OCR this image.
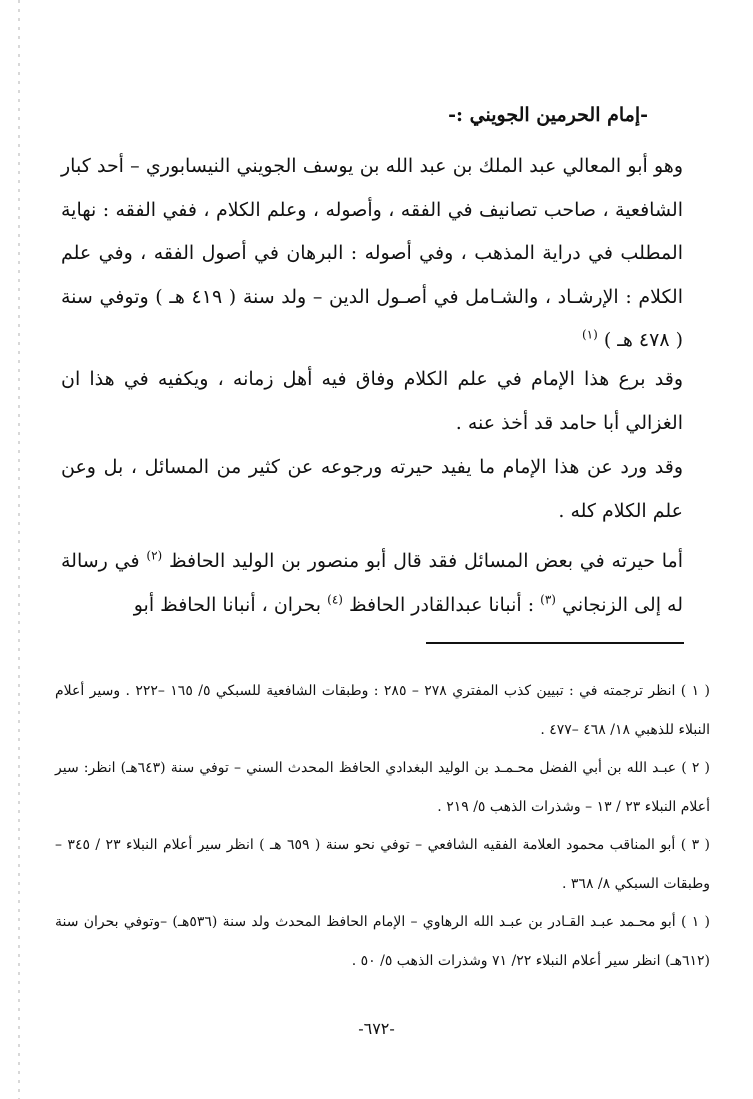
-إمام الحرمين الجويني :-
وهو أبو المعالي عبد الملك بن عبد الله بن يوسف الجويني النيسابوري – أحد كبار الشافعية ، صاحب تصانيف في الفقه ، وأصوله ، وعلم الكلام ، ففي الفقه : نهاية المطلب في دراية المذهب ، وفي أصوله : البرهان في أصول الفقه ، وفي علم الكلام : الإرشـاد ، والشـامل في أصـول الدين – ولد سنة ( ٤١٩ هـ ) وتوفي سنة ( ٤٧٨ هـ ) $^{(١)}$
وقد برع هذا الإمام في علم الكلام وفاق فيه أهل زمانه ، ويكفيه في هذا ان الغزالي أبا حامد قد أخذ عنه .
وقد ورد عن هذا الإمام ما يفيد حيرته ورجوعه عن كثير من المسائل ، بل وعن علم الكلام كله .
أما حيرته في بعض المسائل فقد قال أبو منصور بن الوليد الحافظ $^{(٢)}$ في رسالة له إلى الزنجاني $^{(٣)}$ : أنبانا عبدالقادر الحافظ $^{(٤)}$ بحران ، أنبانا الحافظ أبو
( ١ ) انظر ترجمته في : تبيين كذب المفتري ٢٧٨ – ٢٨٥ : وطبقات الشافعية للسبكي ٥/ ١٦٥ –٢٢٢ . وسير أعلام النبلاء للذهبي ١٨/ ٤٦٨ –٤٧٧ .
( ٢ ) عبـد الله بن أبي الفضل محـمـد بن الوليد البغدادي الحافظ المحدث السني – توفي سنة (٦٤٣هـ) انظر: سير أعلام النبلاء ٢٣ / ١٣ – وشذرات الذهب ٥/ ٢١٩ .
( ٣ ) أبو المناقب محمود العلامة الفقيه الشافعي – توفي نحو سنة ( ٦٥٩ هـ ) انظر سير أعلام النبلاء ٢٣ / ٣٤٥ – وطبقات السبكي ٨/ ٣٦٨ .
( ١ ) أبو محـمد عبـد القـادر بن عبـد الله الرهاوي – الإمام الحافظ المحدث ولد سنة (٥٣٦هـ) –وتوفي بحران سنة (٦١٢هـ) انظر سير أعلام النبلاء ٢٢/ ٧١ وشذرات الذهب ٥/ ٥٠ .
-٦٧٢-
